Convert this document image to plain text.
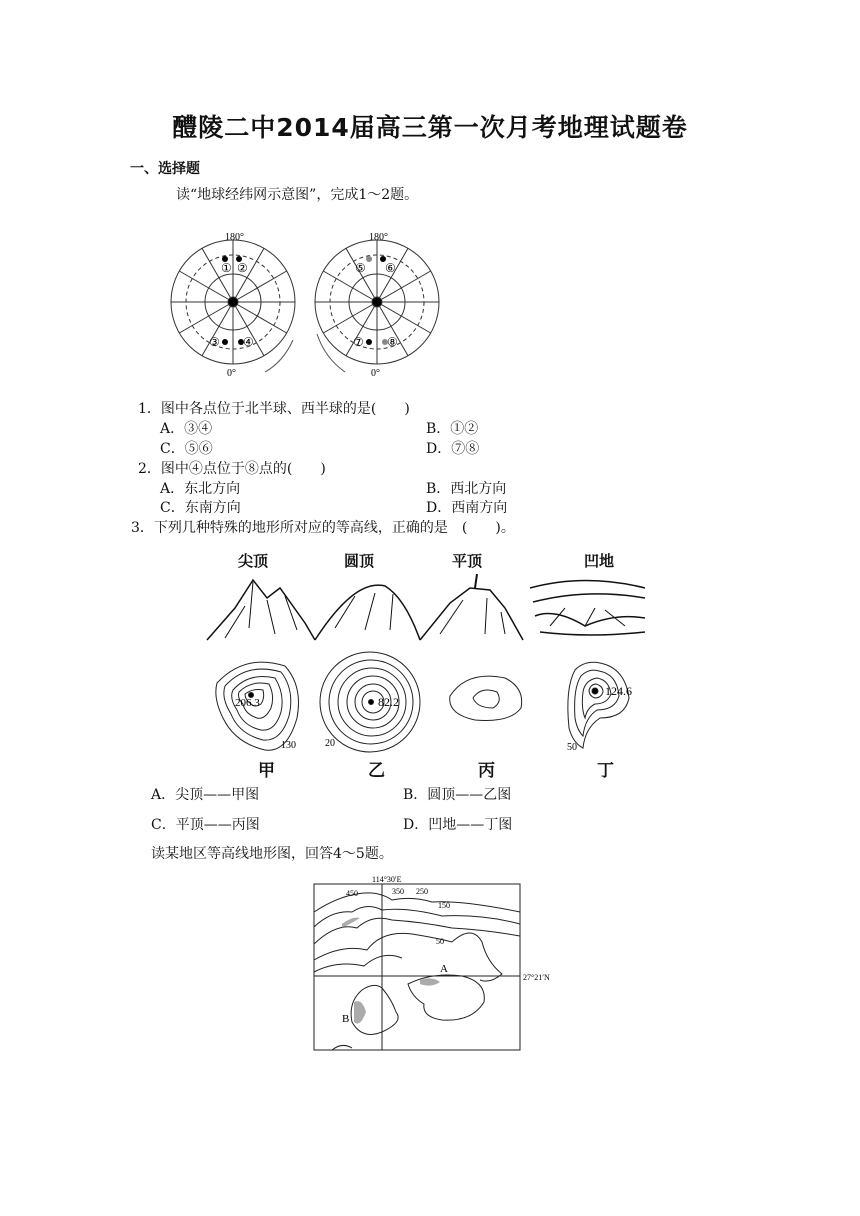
醴陵二中2014届高三第一次月考地理试题卷
一、选择题
读“地球经纬网示意图”，完成1～2题。
180°	180°
0°	0°
① ②
③ ④
⑤ ⑥
⑦ ⑧
1．图中各点位于北半球、西半球的是(　　)
A．③④	B．①②
C．⑤⑥	D．⑦⑧
2．图中④点位于⑧点的(　　)
A．东北方向	B．西北方向
C．东南方向	D．西南方向
3．下列几种特殊的地形所对应的等高线，正确的是　(　　)。
尖顶	圆顶	平顶	凹地
206.3
130
82.2
20
124.6
50
甲	乙	丙	丁
A．尖顶——甲图	B．圆顶——乙图
C．平顶——丙图	D．凹地——丁图
读某地区等高线地形图，回答4～5题。
114°30′E
27°21′N
450	350 250
150
50
A
B
